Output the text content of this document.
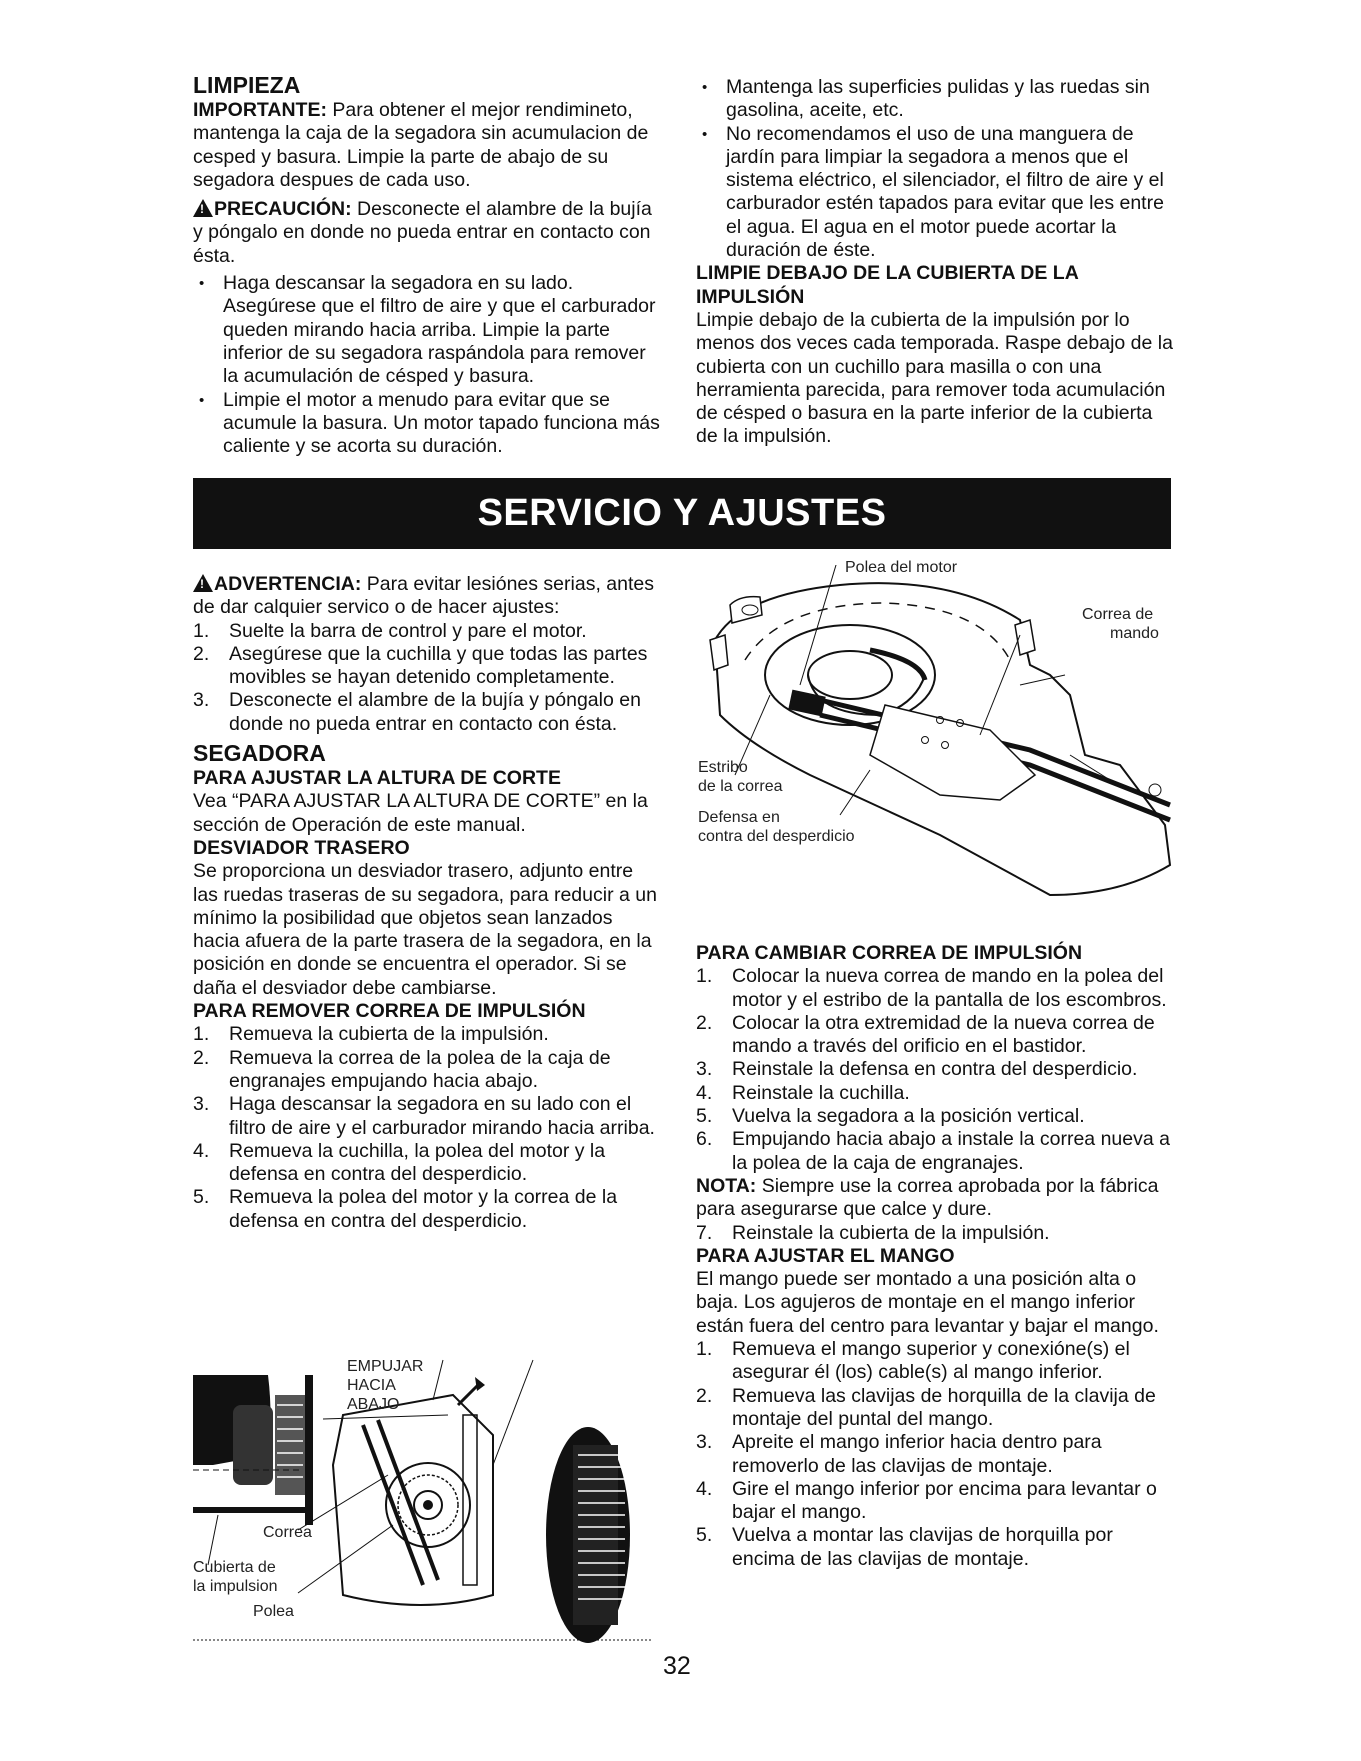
LIMPIEZA

IMPORTANTE: Para obtener el mejor rendimineto, mantenga la caja de la segadora sin acumulacion de cesped y basura. Limpie la parte de abajo de su segadora despues de cada uso.

!PRECAUCIÓN: Desconecte el alambre de la bujía y póngalo en donde no pueda entrar en contacto con ésta.

• Haga descansar la segadora en su lado. Asegúrese que el filtro de aire y que el carburador queden mirando hacia arriba. Limpie la parte inferior de su segadora raspándola para remover la acumulación de césped y basura.
• Limpie el motor a menudo para evitar que se acumule la basura. Un motor tapado funciona más caliente y se acorta su duración.
• Mantenga las superficies pulidas y las ruedas sin gasolina, aceite, etc.
• No recomendamos el uso de una manguera de jardín para limpiar la segadora a menos que el sistema eléctrico, el silenciador, el filtro de aire y el carburador estén tapados para evitar que les entre el agua. El agua en el motor puede acortar la duración de éste.

LIMPIE DEBAJO DE LA CUBIERTA DE LA IMPULSIÓN

Limpie debajo de la cubierta de la impulsión por lo menos dos veces cada temporada. Raspe debajo de la cubierta con un cuchillo para masilla o con una herramienta parecida, para remover toda acumulación de césped o basura en la parte inferior de la cubierta de la impulsión.

SERVICIO Y AJUSTES

!ADVERTENCIA: Para evitar lesiónes serias, antes de dar calquier servico o de hacer ajustes:

1. Suelte la barra de control y pare el motor.
2. Asegúrese que la cuchilla y que todas las partes movibles se hayan detenido completamente.
3. Desconecte el alambre de la bujía y póngalo en donde no pueda entrar en contacto con ésta.

SEGADORA

PARA AJUSTAR LA ALTURA DE CORTE

Vea “PARA AJUSTAR LA ALTURA DE CORTE” en la sección de Operación de este manual.

DESVIADOR TRASERO

Se proporciona un desviador trasero, adjunto entre las ruedas traseras de su segadora, para reducir a un mínimo la posibilidad que objetos sean lanzados hacia afuera de la parte trasera de la segadora, en la posición en donde se encuentra el operador. Si se daña el desviador debe cambiarse.

PARA REMOVER CORREA DE IMPULSIÓN

1. Remueva la cubierta de la impulsión.
2. Remueva la correa de la polea de la caja de engranajes empujando hacia abajo.
3. Haga descansar la segadora en su lado con el filtro de aire y el carburador mirando hacia arriba.
4. Remueva la cuchilla, la polea del motor y la defensa en contra del desperdicio.
5. Remueva la polea del motor y la correa de la defensa en contra del desperdicio.
EMPUJAR
HACIA
ABAJO
Correa
Cubierta de
la impulsion
Polea
Polea del motor
Correa de
mando
Estribo
de la correa
Defensa en
contra del desperdicio

PARA CAMBIAR CORREA DE IMPULSIÓN

1. Colocar la nueva correa de mando en la polea del motor y el estribo de la pantalla de los escombros.
2. Colocar la otra extremidad de la nueva correa de mando a través del orificio en el bastidor.
3. Reinstale la defensa en contra del desperdicio.
4. Reinstale la cuchilla.
5. Vuelva la segadora a la posición vertical.
6. Empujando hacia abajo a instale la correa nueva a la polea de la caja de engranajes.

NOTA: Siempre use la correa aprobada por la fábrica para asegurarse que calce y dure.

7. Reinstale la cubierta de la impulsión.

PARA AJUSTAR EL MANGO

El mango puede ser montado a una posición alta o baja. Los agujeros de montaje en el mango inferior están fuera del centro para levantar y bajar el mango.

1. Remueva el mango superior y conexióne(s) el asegurar él (los) cable(s) al mango inferior.
2. Remueva las clavijas de horquilla de la clavija de montaje del puntal del mango.
3. Apreite el mango inferior hacia dentro para removerlo de las clavijas de montaje.
4. Gire el mango inferior por encima para levantar o bajar el mango.
5. Vuelva a montar las clavijas de horquilla por encima de las clavijas de montaje.
32
